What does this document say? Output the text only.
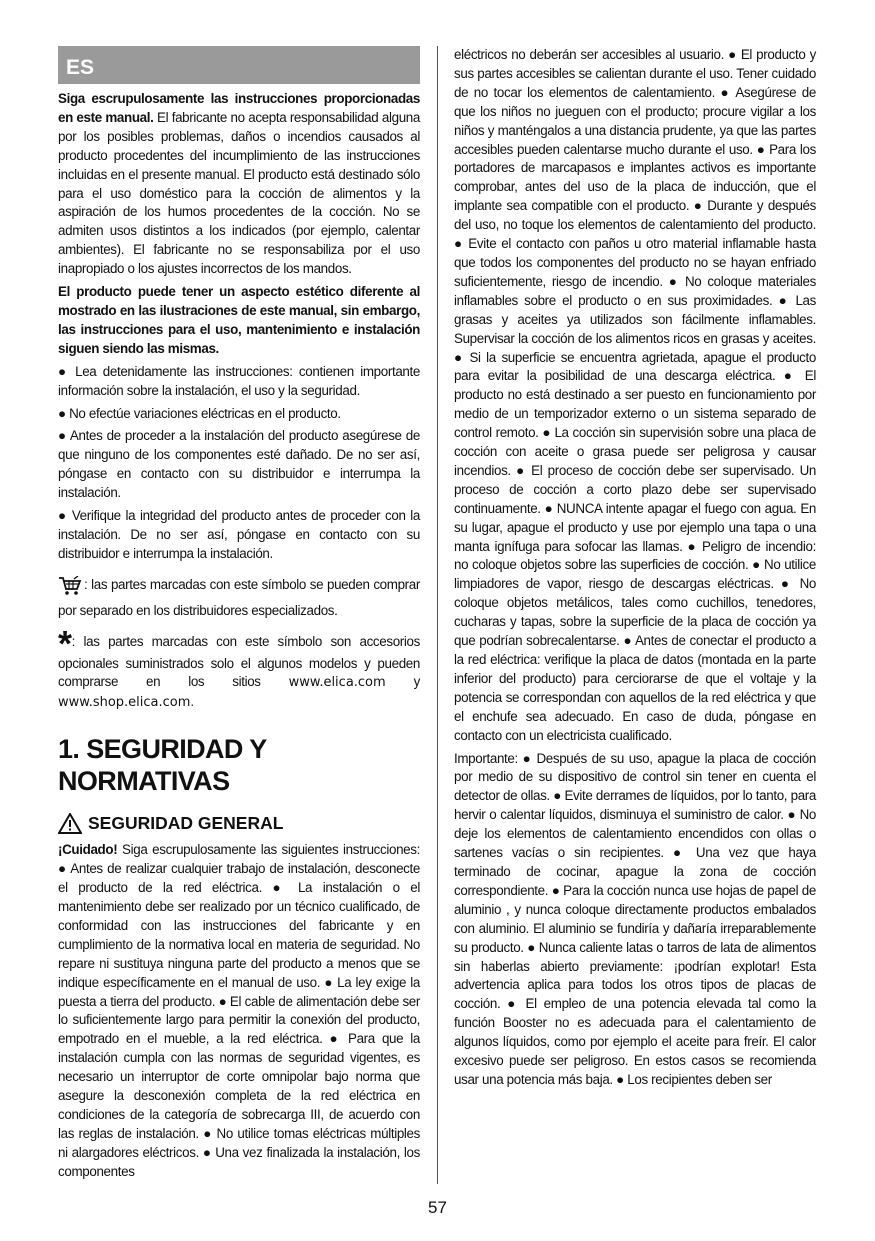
ES

Siga escrupulosamente las instrucciones proporcionadas en este manual. El fabricante no acepta responsabilidad alguna por los posibles problemas, daños o incendios causados al producto procedentes del incumplimiento de las instrucciones incluidas en el presente manual. El producto está destinado sólo para el uso doméstico para la cocción de alimentos y la aspiración de los humos procedentes de la cocción. No se admiten usos distintos a los indicados (por ejemplo, calentar ambientes). El fabricante no se responsabiliza por el uso inapropiado o los ajustes incorrectos de los mandos.

El producto puede tener un aspecto estético diferente al mostrado en las ilustraciones de este manual, sin embargo, las instrucciones para el uso, mantenimiento e instalación siguen siendo las mismas.

● Lea detenidamente las instrucciones: contienen importante información sobre la instalación, el uso y la seguridad.

● No efectúe variaciones eléctricas en el producto.

● Antes de proceder a la instalación del producto asegúrese de que ninguno de los componentes esté dañado. De no ser así, póngase en contacto con su distribuidor e interrumpa la instalación.

● Verifique la integridad del producto antes de proceder con la instalación. De no ser así, póngase en contacto con su distribuidor e interrumpa la instalación.

: las partes marcadas con este símbolo se pueden comprar por separado en los distribuidores especializados.

*: las partes marcadas con este símbolo son accesorios opcionales suministrados solo el algunos modelos y pueden comprarse en los sitios www.elica.com y www.shop.elica.com.

1. SEGURIDAD Y NORMATIVAS
SEGURIDAD GENERAL

¡Cuidado! Siga escrupulosamente las siguientes instrucciones: ● Antes de realizar cualquier trabajo de instalación, desconecte el producto de la red eléctrica. ● La instalación o el mantenimiento debe ser realizado por un técnico cualificado, de conformidad con las instrucciones del fabricante y en cumplimiento de la normativa local en materia de seguridad. No repare ni sustituya ninguna parte del producto a menos que se indique específicamente en el manual de uso. ● La ley exige la puesta a tierra del producto. ● El cable de alimentación debe ser lo suficientemente largo para permitir la conexión del producto, empotrado en el mueble, a la red eléctrica. ● Para que la instalación cumpla con las normas de seguridad vigentes, es necesario un interruptor de corte omnipolar bajo norma que asegure la desconexión completa de la red eléctrica en condiciones de la categoría de sobrecarga III, de acuerdo con las reglas de instalación. ● No utilice tomas eléctricas múltiples ni alargadores eléctricos. ● Una vez finalizada la instalación, los componentes

eléctricos no deberán ser accesibles al usuario. ● El producto y sus partes accesibles se calientan durante el uso. Tener cuidado de no tocar los elementos de calentamiento. ● Asegúrese de que los niños no jueguen con el producto; procure vigilar a los niños y manténgalos a una distancia prudente, ya que las partes accesibles pueden calentarse mucho durante el uso. ● Para los portadores de marcapasos e implantes activos es importante comprobar, antes del uso de la placa de inducción, que el implante sea compatible con el producto. ● Durante y después del uso, no toque los elementos de calentamiento del producto. ● Evite el contacto con paños u otro material inflamable hasta que todos los componentes del producto no se hayan enfriado suficientemente, riesgo de incendio. ● No coloque materiales inflamables sobre el producto o en sus proximidades. ● Las grasas y aceites ya utilizados son fácilmente inflamables. Supervisar la cocción de los alimentos ricos en grasas y aceites. ● Si la superficie se encuentra agrietada, apague el producto para evitar la posibilidad de una descarga eléctrica. ● El producto no está destinado a ser puesto en funcionamiento por medio de un temporizador externo o un sistema separado de control remoto. ● La cocción sin supervisión sobre una placa de cocción con aceite o grasa puede ser peligrosa y causar incendios. ● El proceso de cocción debe ser supervisado. Un proceso de cocción a corto plazo debe ser supervisado continuamente. ● NUNCA intente apagar el fuego con agua. En su lugar, apague el producto y use por ejemplo una tapa o una manta ignífuga para sofocar las llamas. ● Peligro de incendio: no coloque objetos sobre las superficies de cocción. ● No utilice limpiadores de vapor, riesgo de descargas eléctricas. ● No coloque objetos metálicos, tales como cuchillos, tenedores, cucharas y tapas, sobre la superficie de la placa de cocción ya que podrían sobrecalentarse. ● Antes de conectar el producto a la red eléctrica: verifique la placa de datos (montada en la parte inferior del producto) para cerciorarse de que el voltaje y la potencia se correspondan con aquellos de la red eléctrica y que el enchufe sea adecuado. En caso de duda, póngase en contacto con un electricista cualificado.

Importante: ● Después de su uso, apague la placa de cocción por medio de su dispositivo de control sin tener en cuenta el detector de ollas. ● Evite derrames de líquidos, por lo tanto, para hervir o calentar líquidos, disminuya el suministro de calor. ● No deje los elementos de calentamiento encendidos con ollas o sartenes vacías o sin recipientes. ● Una vez que haya terminado de cocinar, apague la zona de cocción correspondiente. ● Para la cocción nunca use hojas de papel de aluminio , y nunca coloque directamente productos embalados con aluminio. El aluminio se fundiría y dañaría irreparablemente su producto. ● Nunca caliente latas o tarros de lata de alimentos sin haberlas abierto previamente: ¡podrían explotar! Esta advertencia aplica para todos los otros tipos de placas de cocción. ● El empleo de una potencia elevada tal como la función Booster no es adecuada para el calentamiento de algunos líquidos, como por ejemplo el aceite para freír. El calor excesivo puede ser peligroso. En estos casos se recomienda usar una potencia más baja. ● Los recipientes deben ser

57
